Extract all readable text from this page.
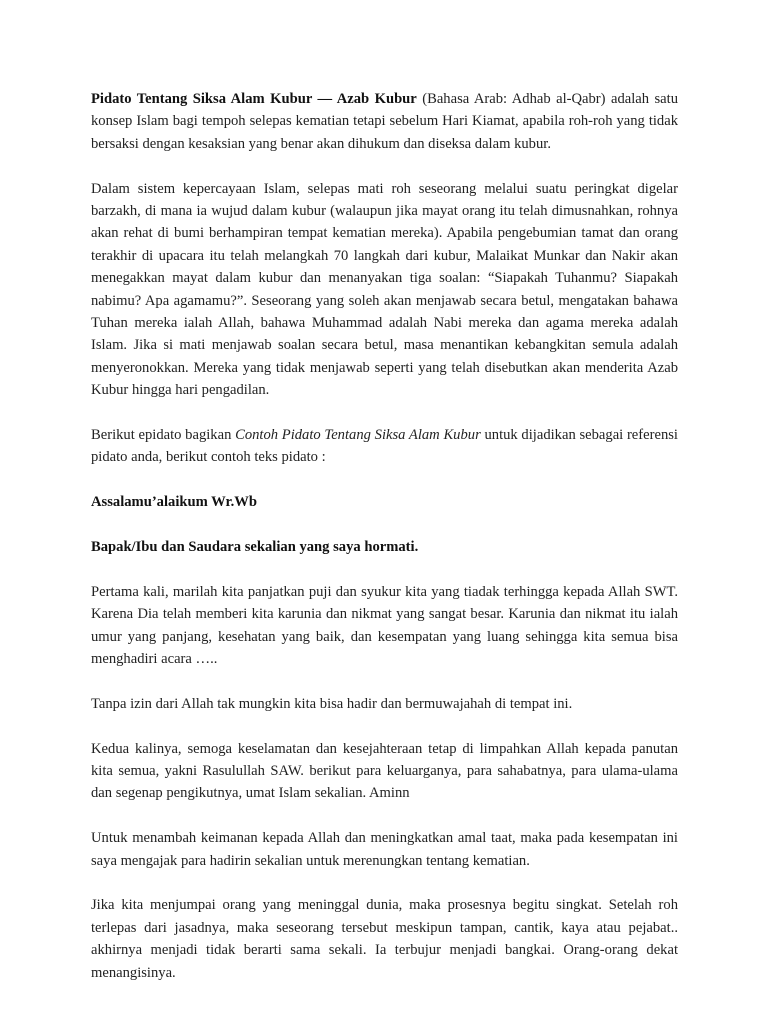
Pidato Tentang Siksa Alam Kubur — Azab Kubur (Bahasa Arab: Adhab al-Qabr) adalah satu konsep Islam bagi tempoh selepas kematian tetapi sebelum Hari Kiamat, apabila roh-roh yang tidak bersaksi dengan kesaksian yang benar akan dihukum dan diseksa dalam kubur.

Dalam sistem kepercayaan Islam, selepas mati roh seseorang melalui suatu peringkat digelar barzakh, di mana ia wujud dalam kubur (walaupun jika mayat orang itu telah dimusnahkan, rohnya akan rehat di bumi berhampiran tempat kematian mereka). Apabila pengebumian tamat dan orang terakhir di upacara itu telah melangkah 70 langkah dari kubur, Malaikat Munkar dan Nakir akan menegakkan mayat dalam kubur dan menanyakan tiga soalan: “Siapakah Tuhanmu? Siapakah nabimu? Apa agamamu?”. Seseorang yang soleh akan menjawab secara betul, mengatakan bahawa Tuhan mereka ialah Allah, bahawa Muhammad adalah Nabi mereka dan agama mereka adalah Islam. Jika si mati menjawab soalan secara betul, masa menantikan kebangkitan semula adalah menyeronokkan. Mereka yang tidak menjawab seperti yang telah disebutkan akan menderita Azab Kubur hingga hari pengadilan.

Berikut epidato bagikan Contoh Pidato Tentang Siksa Alam Kubur untuk dijadikan sebagai referensi pidato anda, berikut contoh teks pidato :

Assalamu’alaikum Wr.Wb

Bapak/Ibu dan Saudara sekalian yang saya hormati.

Pertama kali, marilah kita panjatkan puji dan syukur kita yang tiadak terhingga kepada Allah SWT. Karena Dia telah memberi kita karunia dan nikmat yang sangat besar. Karunia dan nikmat itu ialah umur yang panjang, kesehatan yang baik, dan kesempatan yang luang sehingga kita semua bisa menghadiri acara …..

Tanpa izin dari Allah tak mungkin kita bisa hadir dan bermuwajahah di tempat ini.

Kedua kalinya, semoga keselamatan dan kesejahteraan tetap di limpahkan Allah kepada panutan kita semua, yakni Rasulullah SAW. berikut para keluarganya, para sahabatnya, para ulama-ulama dan segenap pengikutnya, umat Islam sekalian. Aminn

Untuk menambah keimanan kepada Allah dan meningkatkan amal taat, maka pada kesempatan ini saya mengajak para hadirin sekalian untuk merenungkan tentang kematian.

Jika kita menjumpai orang yang meninggal dunia, maka prosesnya begitu singkat. Setelah roh terlepas dari jasadnya, maka seseorang tersebut meskipun tampan, cantik, kaya atau pejabat.. akhirnya menjadi tidak berarti sama sekali. Ia terbujur menjadi bangkai. Orang-orang dekat menangisinya.
